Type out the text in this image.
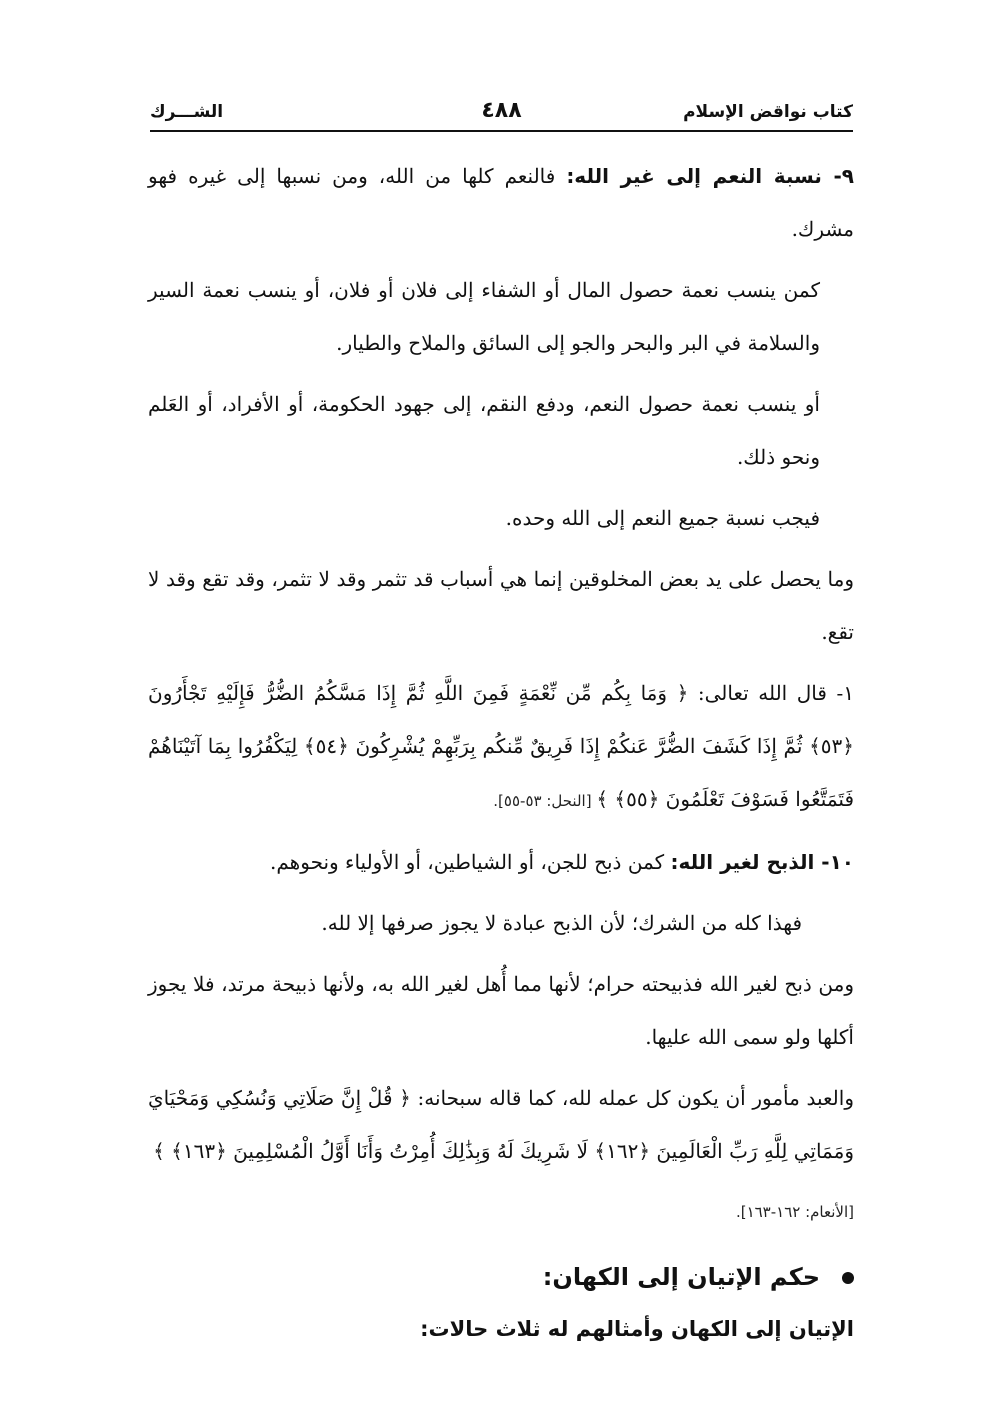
كتاب نواقض الإسلام
٤٨٨
الشـــرك

٩- نسبة النعم إلى غير الله: فالنعم كلها من الله، ومن نسبها إلى غيره فهو مشرك.

كمن ينسب نعمة حصول المال أو الشفاء إلى فلان أو فلان، أو ينسب نعمة السير والسلامة في البر والبحر والجو إلى السائق والملاح والطيار.

أو ينسب نعمة حصول النعم، ودفع النقم، إلى جهود الحكومة، أو الأفراد، أو العَلم ونحو ذلك.

فيجب نسبة جميع النعم إلى الله وحده.

وما يحصل على يد بعض المخلوقين إنما هي أسباب قد تثمر وقد لا تثمر، وقد تقع وقد لا تقع.

١- قال الله تعالى: ﴿ وَمَا بِكُم مِّن نِّعْمَةٍ فَمِنَ اللَّهِ ثُمَّ إِذَا مَسَّكُمُ الضُّرُّ فَإِلَيْهِ تَجْأَرُونَ ﴿٥٣﴾ ثُمَّ إِذَا كَشَفَ الضُّرَّ عَنكُمْ إِذَا فَرِيقٌ مِّنكُم بِرَبِّهِمْ يُشْرِكُونَ ﴿٥٤﴾ لِيَكْفُرُوا بِمَا آتَيْنَاهُمْ فَتَمَتَّعُوا فَسَوْفَ تَعْلَمُونَ ﴿٥٥﴾ ﴾ [النحل: ٥٣-٥٥].

١٠- الذبح لغير الله: كمن ذبح للجن، أو الشياطين، أو الأولياء ونحوهم.

فهذا كله من الشرك؛ لأن الذبح عبادة لا يجوز صرفها إلا لله.

ومن ذبح لغير الله فذبيحته حرام؛ لأنها مما أُهل لغير الله به، ولأنها ذبيحة مرتد، فلا يجوز أكلها ولو سمى الله عليها.

والعبد مأمور أن يكون كل عمله لله، كما قاله سبحانه: ﴿ قُلْ إِنَّ صَلَاتِي وَنُسُكِي وَمَحْيَايَ وَمَمَاتِي لِلَّهِ رَبِّ الْعَالَمِينَ ﴿١٦٢﴾ لَا شَرِيكَ لَهُ وَبِذَٰلِكَ أُمِرْتُ وَأَنَا أَوَّلُ الْمُسْلِمِينَ ﴿١٦٣﴾ ﴾

[الأنعام: ١٦٢-١٦٣].

حكم الإتيان إلى الكهان:

الإتيان إلى الكهان وأمثالهم له ثلاث حالات:
